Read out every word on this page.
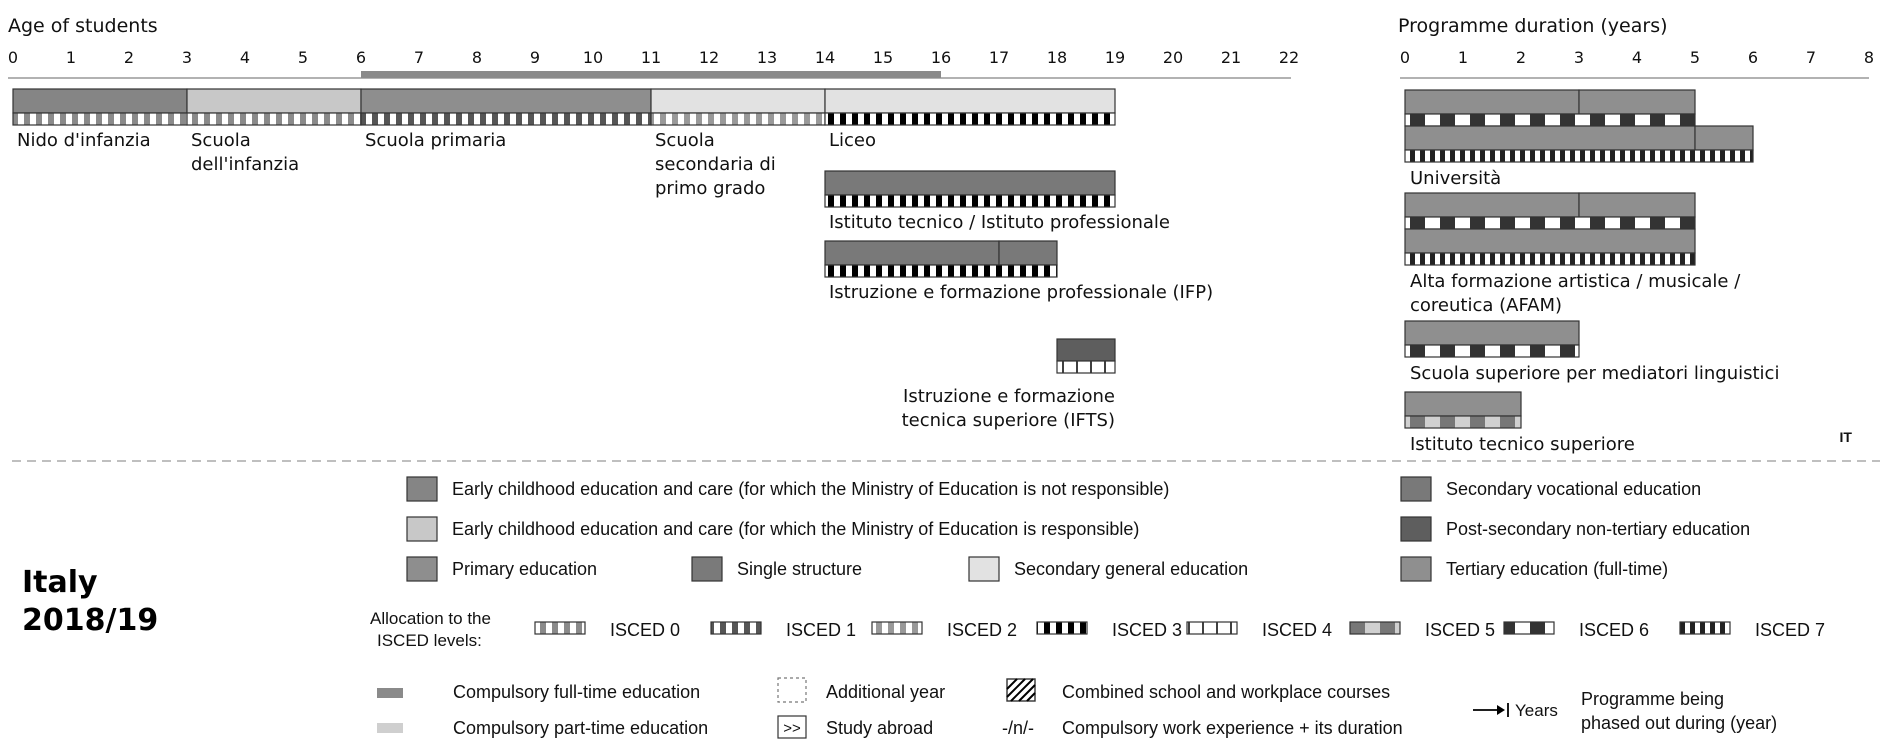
Age of students
0	1	2	3	4	5	6	7	8	9	10 11 12 13 14 15 16 17 18 19 20 21 22
Nido d'infanzia Scuola
dell'infanzia
Scuola primaria	Scuola
secondaria di
primo grado
Liceo
Istituto tecnico / Istituto professionale
Istruzione e formazione professionale (IFP)
Istruzione e formazione
tecnica superiore (IFTS)
Programme duration (years)
0	1	2	3	4	5	6	7	8
Università
Alta formazione artistica / musicale /
coreutica (AFAM)
Scuola superiore per mediatori linguistici
Istituto tecnico superiore	IT
Italy
2018/19
Early childhood education and care (for which the Ministry of Education is not responsible)
Early childhood education and care (for which the Ministry of Education is responsible)
Primary education	Single structure	Secondary general education
Secondary vocational education
Post-secondary non-tertiary education
Tertiary education (full-time)
Allocation to the
ISCED levels:
ISCED 0	ISCED 1	ISCED 2	ISCED 3	ISCED 4	ISCED 5	ISCED 6	ISCED 7
Compulsory full-time education
Compulsory part-time education
Additional year
>> Study abroad
Combined school and workplace courses
-/n/- Compulsory work experience + its duration
Years
Programme being
phased out during (year)
